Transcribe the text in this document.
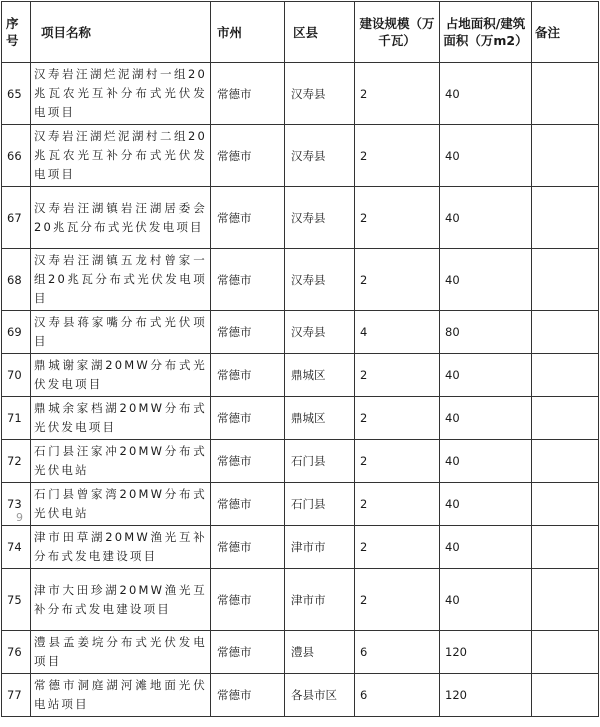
序号	项目名称	市州	区县	建设规模（万千瓦）	占地面积/建筑面积（万m2）	备注
65	汉寿岩汪湖烂泥湖村一组20兆瓦农光互补分布式光伏发电项目	常德市	汉寿县	2	40	
66	汉寿岩汪湖烂泥湖村二组20兆瓦农光互补分布式光伏发电项目	常德市	汉寿县	2	40	
67	汉寿岩汪湖镇岩汪湖居委会20兆瓦分布式光伏发电项目	常德市	汉寿县	2	40	
68	汉寿岩汪湖镇五龙村曾家一组20兆瓦分布式光伏发电项目	常德市	汉寿县	2	40	
69	汉寿县蒋家嘴分布式光伏项目	常德市	汉寿县	4	80	
70	鼎城谢家湖20MW分布式光伏发电项目	常德市	鼎城区	2	40	
71	鼎城余家档湖20MW分布式光伏发电项目	常德市	鼎城区	2	40	
72	石门县汪家冲20MW分布式光伏电站	常德市	石门县	2	40	
73	石门县曾家湾20MW分布式光伏电站	常德市	石门县	2	40	
74	津市田草湖20MW渔光互补分布式发电建设项目	常德市	津市市	2	40	
75	津市大田珍湖20MW渔光互补分布式发电建设项目	常德市	津市市	2	40	
76	澧县孟姜垸分布式光伏发电项目	常德市	澧县	6	120	
77	常德市洞庭湖河滩地面光伏电站项目	常德市	各县市区	6	120	
9
